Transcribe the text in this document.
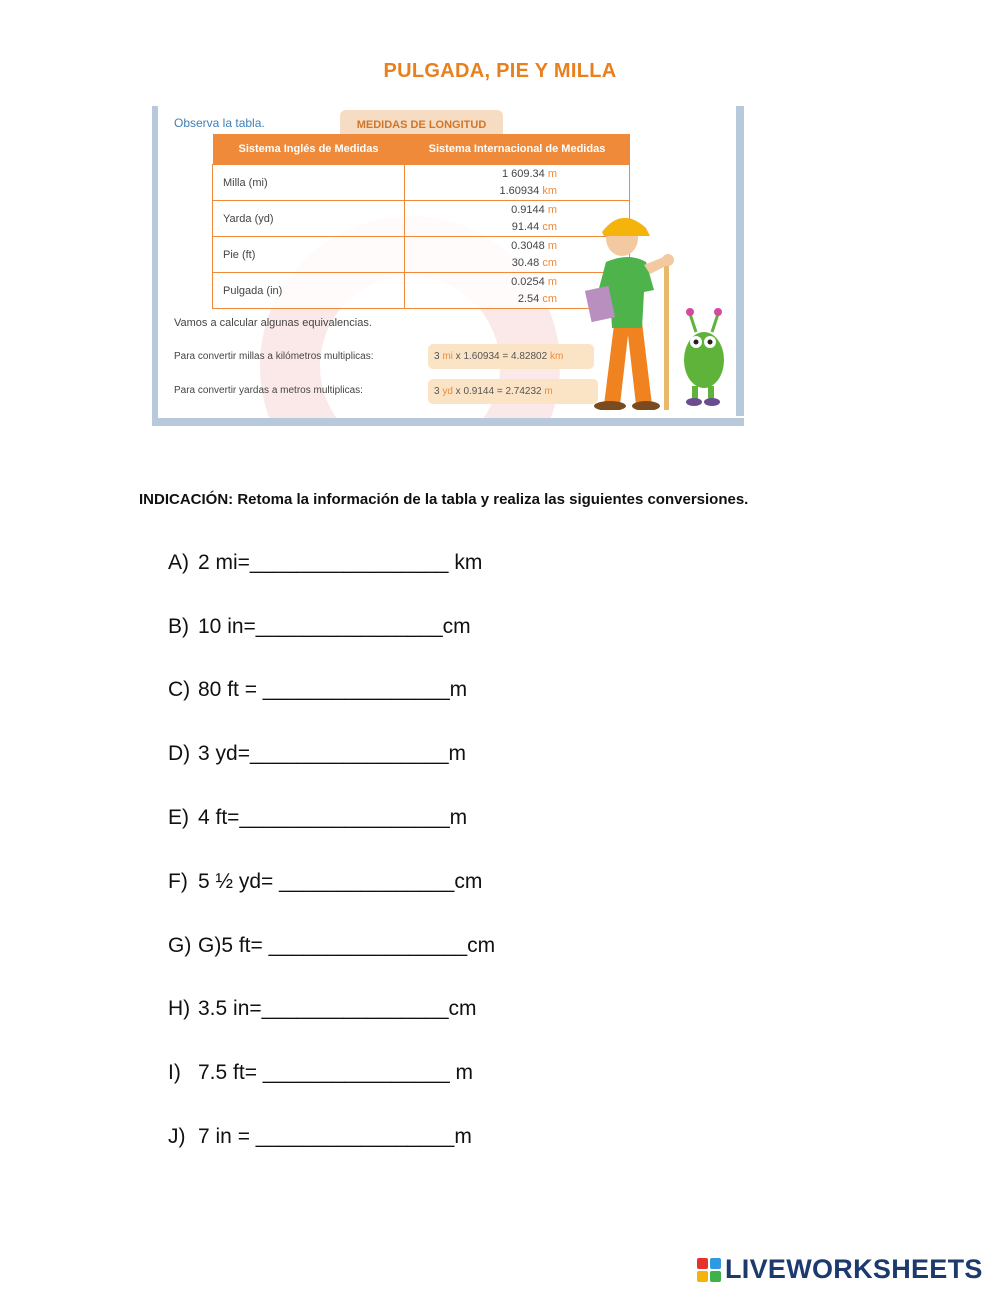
PULGADA, PIE Y MILLA
Observa la tabla.	MEDIDAS DE LONGITUD
Sistema Inglés de Medidas	Sistema Internacional de Medidas
Milla (mi)	1 609.34 m
1.60934 km
Yarda (yd)	0.9144 m
91.44 cm
Pie (ft)	0.3048 m
30.48 cm
Pulgada (in)	0.0254 m
2.54 cm
Vamos a calcular algunas equivalencias.
Para convertir millas a kilómetros multiplicas:	3 mi x 1.60934 = 4.82802 km
Para convertir yardas a metros multiplicas:	3 yd x 0.9144 = 2.74232 m
INDICACIÓN: Retoma la información de la tabla y realiza las siguientes conversiones.
A) 2 mi=_________________ km
B) 10 in=________________cm
C) 80 ft = ________________m
D) 3 yd=_________________m
E) 4 ft=__________________m
F) 5 ½ yd= _______________cm
G) G)5 ft= _________________cm
H) 3.5 in=________________cm
I) 7.5 ft= ________________ m
J) 7 in = _________________m
LIVEWORKSHEETS
